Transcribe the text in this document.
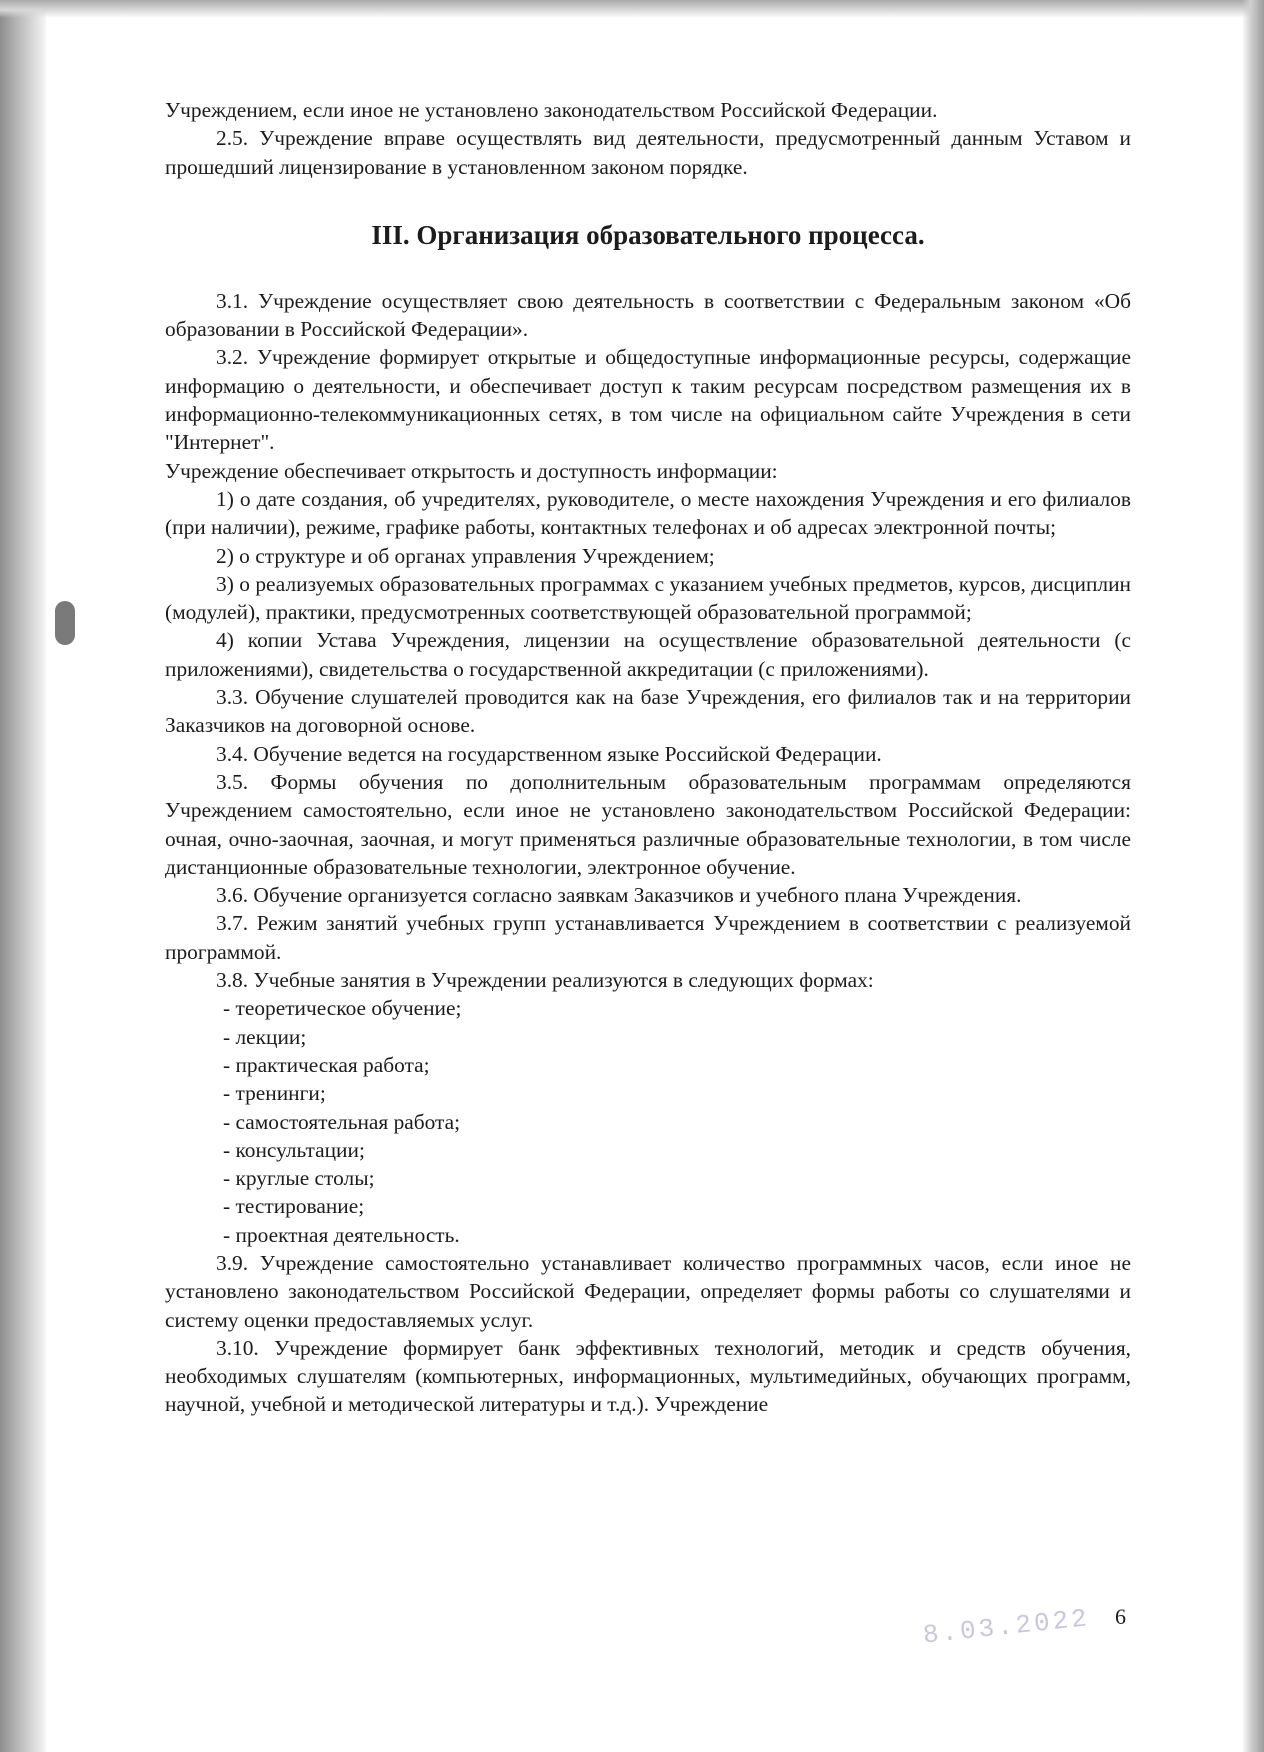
Учреждением, если иное не установлено законодательством Российской Федерации.

2.5. Учреждение вправе осуществлять вид деятельности, предусмотренный данным Уставом и прошедший лицензирование в установленном законом порядке.

III. Организация образовательного процесса.

3.1. Учреждение осуществляет свою деятельность в соответствии с Федеральным законом «Об образовании в Российской Федерации».

3.2. Учреждение формирует открытые и общедоступные информационные ресурсы, содержащие информацию о деятельности, и обеспечивает доступ к таким ресурсам посредством размещения их в информационно-телекоммуникационных сетях, в том числе на официальном сайте Учреждения в сети "Интернет".

Учреждение обеспечивает открытость и доступность информации:

1) о дате создания, об учредителях, руководителе, о месте нахождения Учреждения и его филиалов (при наличии), режиме, графике работы, контактных телефонах и об адресах электронной почты;

2) о структуре и об органах управления Учреждением;

3) о реализуемых образовательных программах с указанием учебных предметов, курсов, дисциплин (модулей), практики, предусмотренных соответствующей образовательной программой;

4) копии Устава Учреждения, лицензии на осуществление образовательной деятельности (с приложениями), свидетельства о государственной аккредитации (с приложениями).

3.3. Обучение слушателей проводится как на базе Учреждения, его филиалов так и на территории Заказчиков на договорной основе.

3.4. Обучение ведется на государственном языке Российской Федерации.

3.5. Формы обучения по дополнительным образовательным программам определяются Учреждением самостоятельно, если иное не установлено законодательством Российской Федерации: очная, очно-заочная, заочная, и могут применяться различные образовательные технологии, в том числе дистанционные образовательные технологии, электронное обучение.

3.6. Обучение организуется согласно заявкам Заказчиков и учебного плана Учреждения.

3.7. Режим занятий учебных групп устанавливается Учреждением в соответствии с реализуемой программой.

3.8. Учебные занятия в Учреждении реализуются в следующих формах:

- теоретическое обучение;

- лекции;

- практическая работа;

- тренинги;

- самостоятельная работа;

- консультации;

- круглые столы;

- тестирование;

- проектная деятельность.

3.9. Учреждение самостоятельно устанавливает количество программных часов, если иное не установлено законодательством Российской Федерации, определяет формы работы со слушателями и систему оценки предоставляемых услуг.

3.10. Учреждение формирует банк эффективных технологий, методик и средств обучения, необходимых слушателям (компьютерных, информационных, мультимедийных, обучающих программ, научной, учебной и методической литературы и т.д.). Учреждение

8.03.2022 6
